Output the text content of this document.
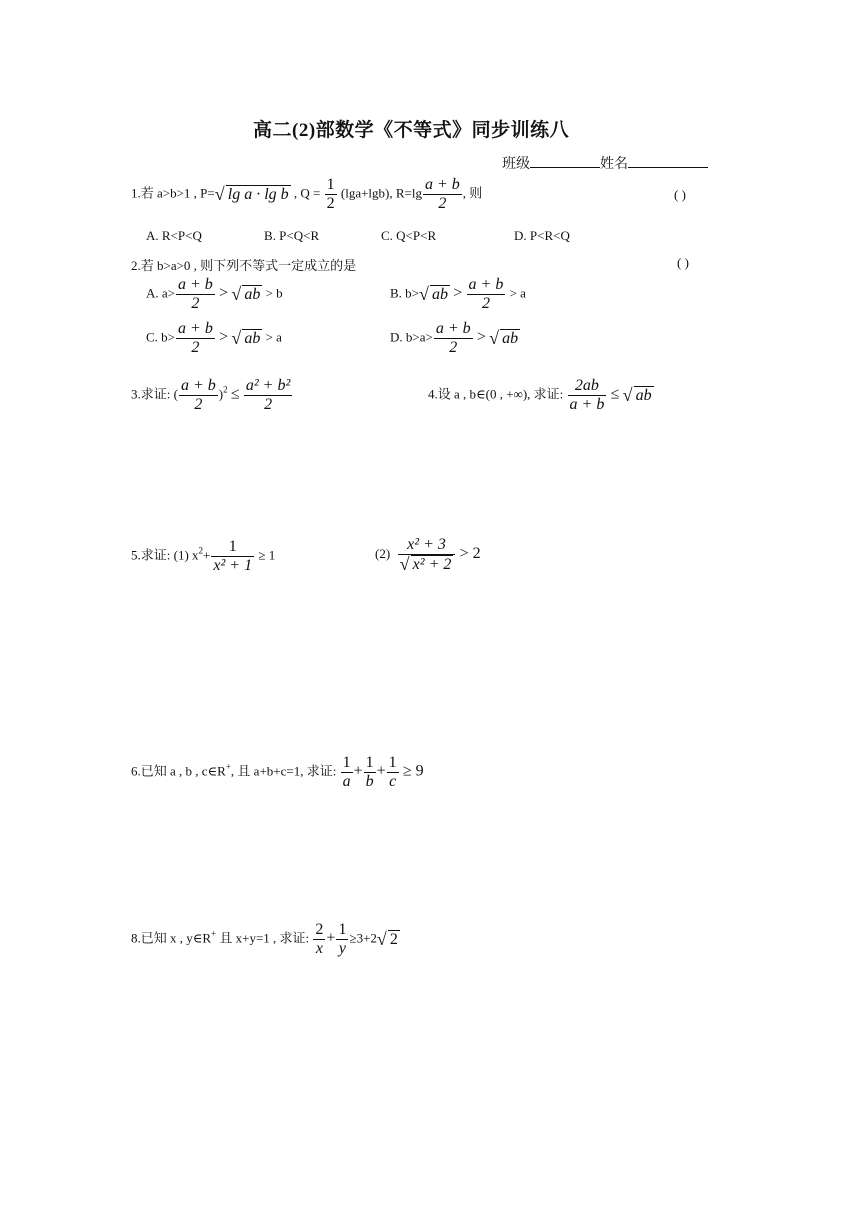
高二(2)部数学《不等式》同步训练八
班级	姓名
1.若 a>b>1 , P= √ lg a · lg b , $Q = \frac{1}{2} (\lg a+\lg b)$, $R=\lg \frac{a + b}{2}$ , 则	( )
A. R<P<Q	B. P<Q<R	C. Q<P<R	D. P<R<Q
2.若 b>a>0 , 则下列不等式一定成立的是	( )
A. $a> \frac{a + b}{2}$ > √ ab > b	B. b> √ ab > $\frac{a + b}{2} > a$
C. $b> \frac{a + b}{2}$ > √ ab > a	D. $b>a> \frac{a + b}{2}$ > √ ab
3.求证: ( $\frac{a + b}{2} )^2 \le \frac{\text{a² + b²}}{2}$	4.设 a , b∈(0 , +∞), 求证: $\frac{2ab}{a + b}$ ≤ √ ab
5.求证: (1) $x^2+ \frac{1}{\text{x² + 1}} \ge 1$	$(2) \frac{\text{x² + 3}}{\text{√ x² + 2}} > 2$
6.已知 a , b , c∈R+, 且 a+b+c=1, 求证: $\frac{1}{a} + \frac{1}{b} + \frac{1}{c} \ge 9$
8.已知 x , y∈R+ 且 x+y=1 , 求证: $\frac{2}{x} + \frac{1}{y} \ge 3+2$ √ 2
